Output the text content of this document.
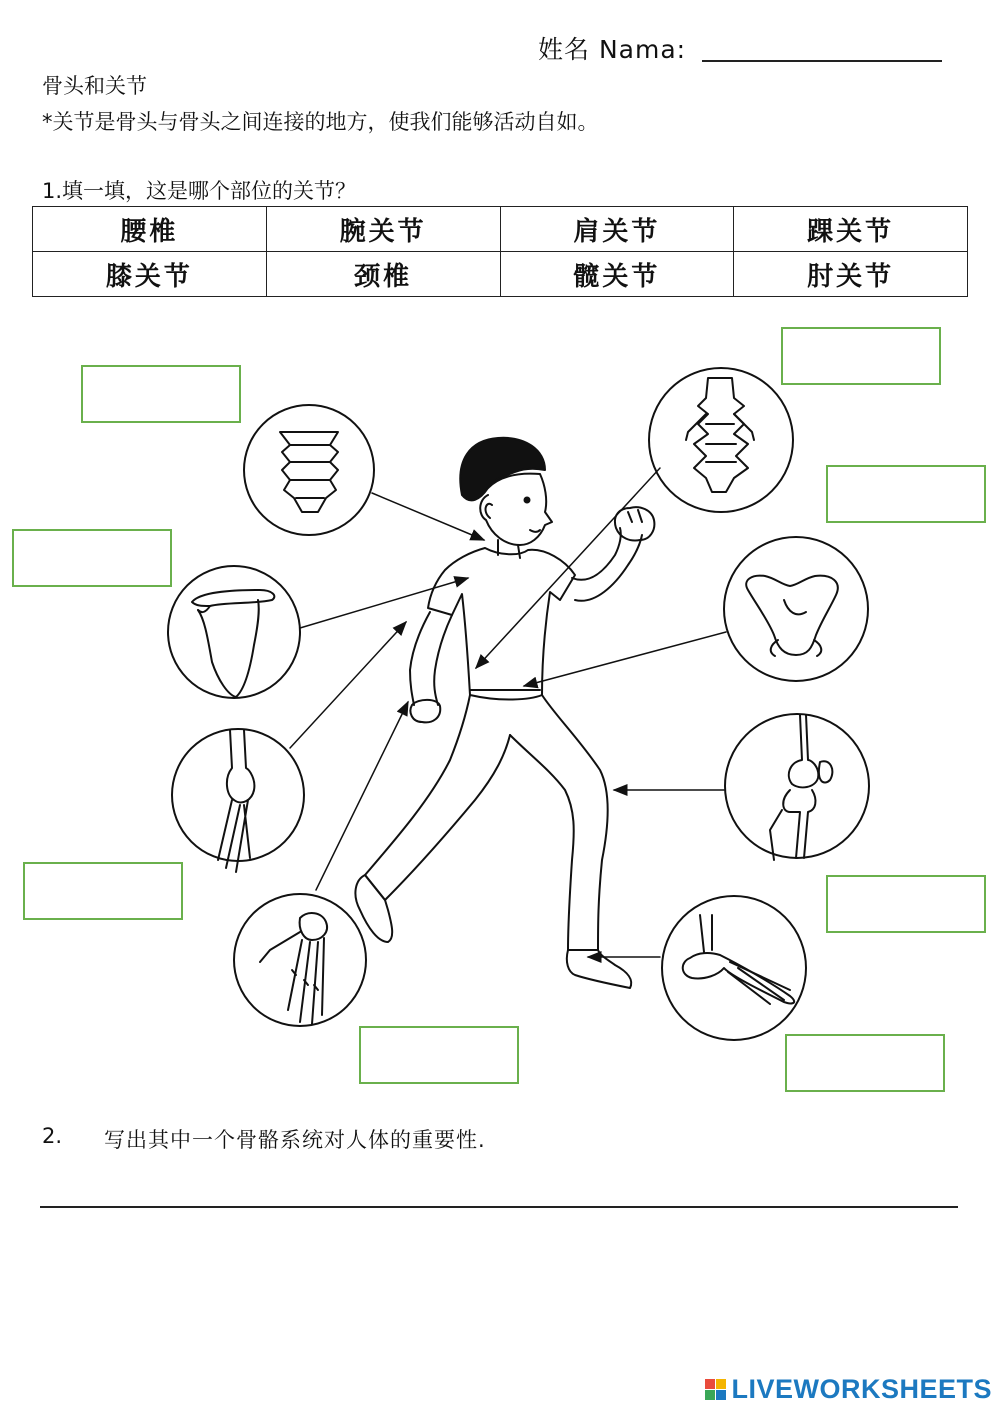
姓名 Nama:
骨头和关节
*关节是骨头与骨头之间连接的地方，使我们能够活动自如。
1.填一填，这是哪个部位的关节？
腰椎	腕关节	肩关节	踝关节
膝关节	颈椎	髋关节	肘关节
2. 写出其中一个骨骼系统对人体的重要性.
LIVEWORKSHEETS
